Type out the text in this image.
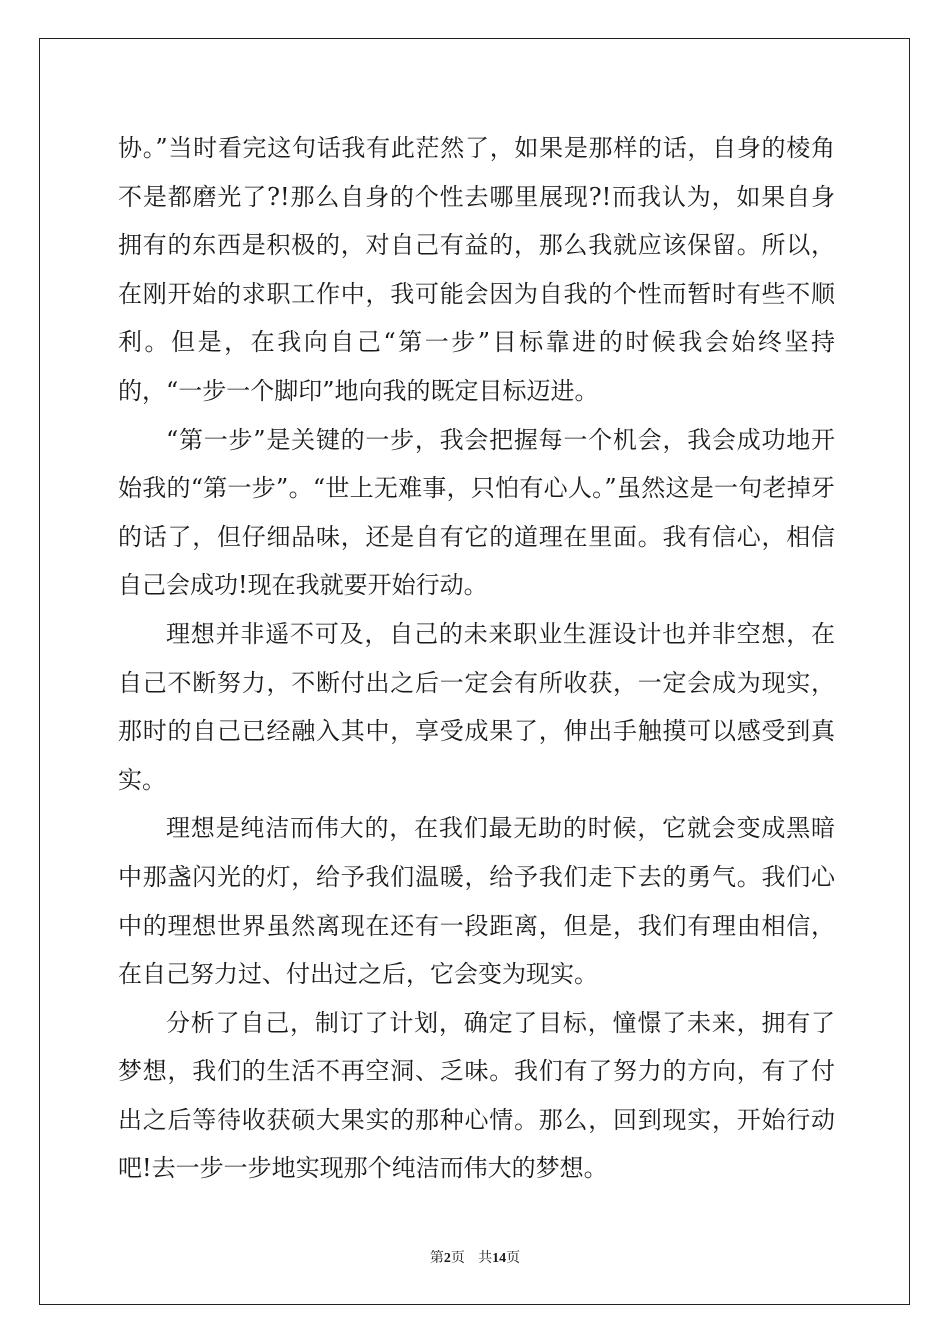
协。”当时看完这句话我有此茫然了，如果是那样的话，自身的棱角不是都磨光了?!那么自身的个性去哪里展现?!而我认为，如果自身拥有的东西是积极的，对自己有益的，那么我就应该保留。所以，在刚开始的求职工作中，我可能会因为自我的个性而暂时有些不顺利。但是，在我向自己“第一步”目标靠进的时候我会始终坚持的，“一步一个脚印”地向我的既定目标迈进。

“第一步”是关键的一步，我会把握每一个机会，我会成功地开始我的“第一步”。“世上无难事，只怕有心人。”虽然这是一句老掉牙的话了，但仔细品味，还是自有它的道理在里面。我有信心，相信自己会成功!现在我就要开始行动。

理想并非遥不可及，自己的未来职业生涯设计也并非空想，在自己不断努力，不断付出之后一定会有所收获，一定会成为现实，那时的自己已经融入其中，享受成果了，伸出手触摸可以感受到真实。

理想是纯洁而伟大的，在我们最无助的时候，它就会变成黑暗中那盏闪光的灯，给予我们温暖，给予我们走下去的勇气。我们心中的理想世界虽然离现在还有一段距离，但是，我们有理由相信，在自己努力过、付出过之后，它会变为现实。

分析了自己，制订了计划，确定了目标，憧憬了未来，拥有了梦想，我们的生活不再空洞、乏味。我们有了努力的方向，有了付出之后等待收获硕大果实的那种心情。那么，回到现实，开始行动吧!去一步一步地实现那个纯洁而伟大的梦想。

第2页 共14页
